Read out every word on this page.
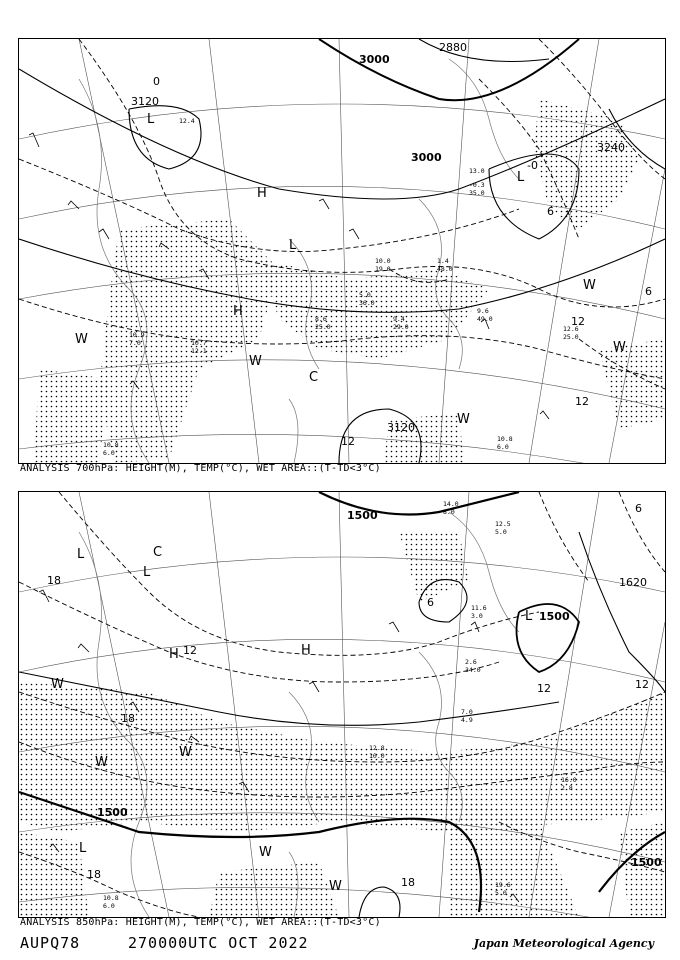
3000
2880
3000
3120
3240
3120
0
-0
6
6
12
12
12
L
H
L
H
L
C
W
W
W
W
W
10.8
6.0
9.4
29.0
9.6
49.0
12.6
25.0
5.0
36.0
8.6
25.0
10.0
19.0
1.4
48.0
-0.3
35.0
13.0
12.4
10.7
12.1
10.9
7.0
10.8
6.0
ANALYSIS 700hPa: HEIGHT(M), TEMP(°C), WET AREA::(T-TD<3°C)
1500
1500
1500
1500
1620
18
18
18
18
12
12	12
6
6
L
L
H	H
L
L
W
W
W
W
W
C
19.6
5.0
16.0
2.8
12.8
10.0
7.0
4.9
2.6
34.0
11.6
3.0
14.0
8.0
12.5
5.0
10.8
6.0
ANALYSIS 850hPa: HEIGHT(M), TEMP(°C), WET AREA::(T-TD<3°C)
AUPQ78	270000UTC OCT 2022	Japan Meteorological Agency
